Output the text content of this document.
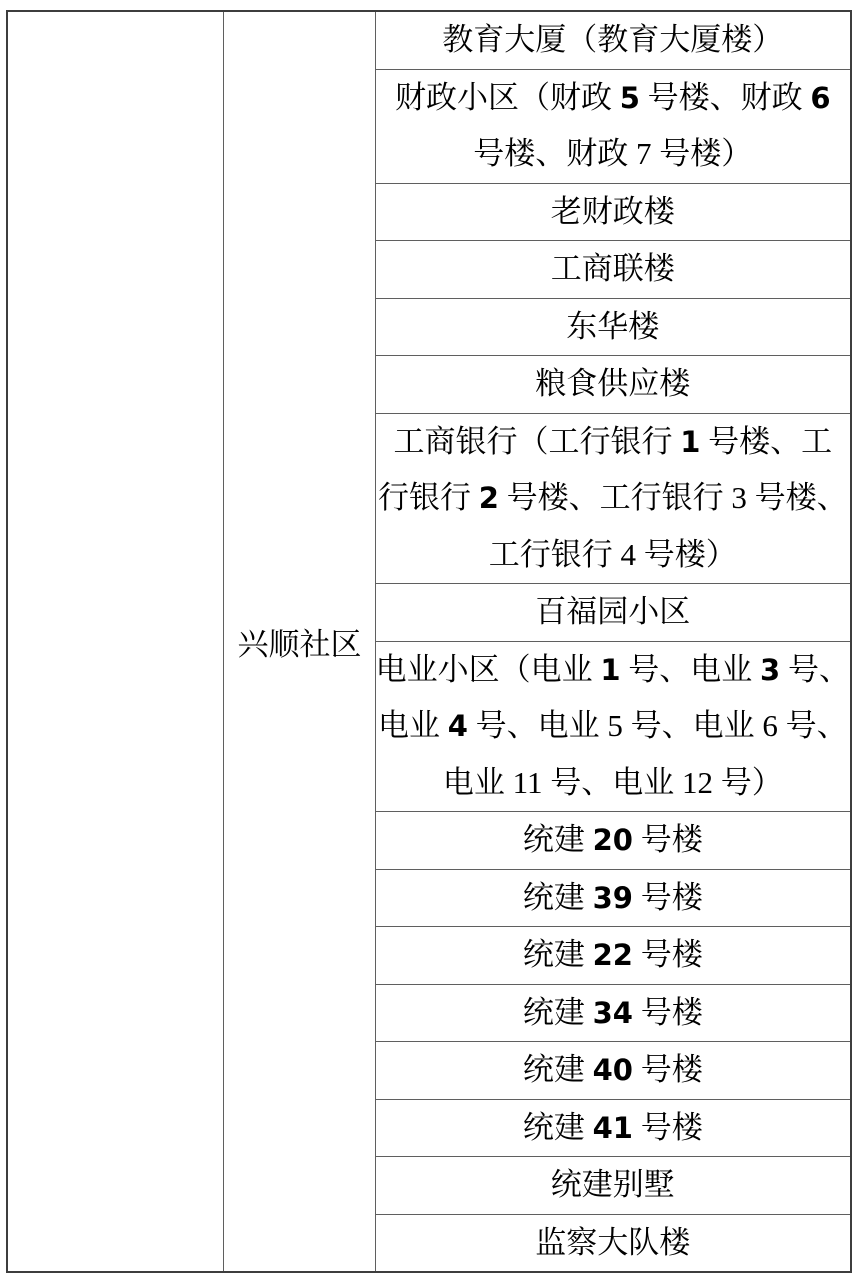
	兴顺社区	
教育大厦（教育大厦楼）

财政小区（财政 5 号楼、财政 6
号楼、财政 7 号楼）

老财政楼

工商联楼

东华楼

粮食供应楼

工商银行（工行银行 1 号楼、工
行银行 2 号楼、工行银行 3 号楼、
工行银行 4 号楼）

百福园小区

电业小区（电业 1 号、电业 3 号、
电业 4 号、电业 5 号、电业 6 号、
电业 11 号、电业 12 号）

统建 20 号楼

统建 39 号楼

统建 22 号楼

统建 34 号楼

统建 40 号楼

统建 41 号楼

统建别墅

监察大队楼
